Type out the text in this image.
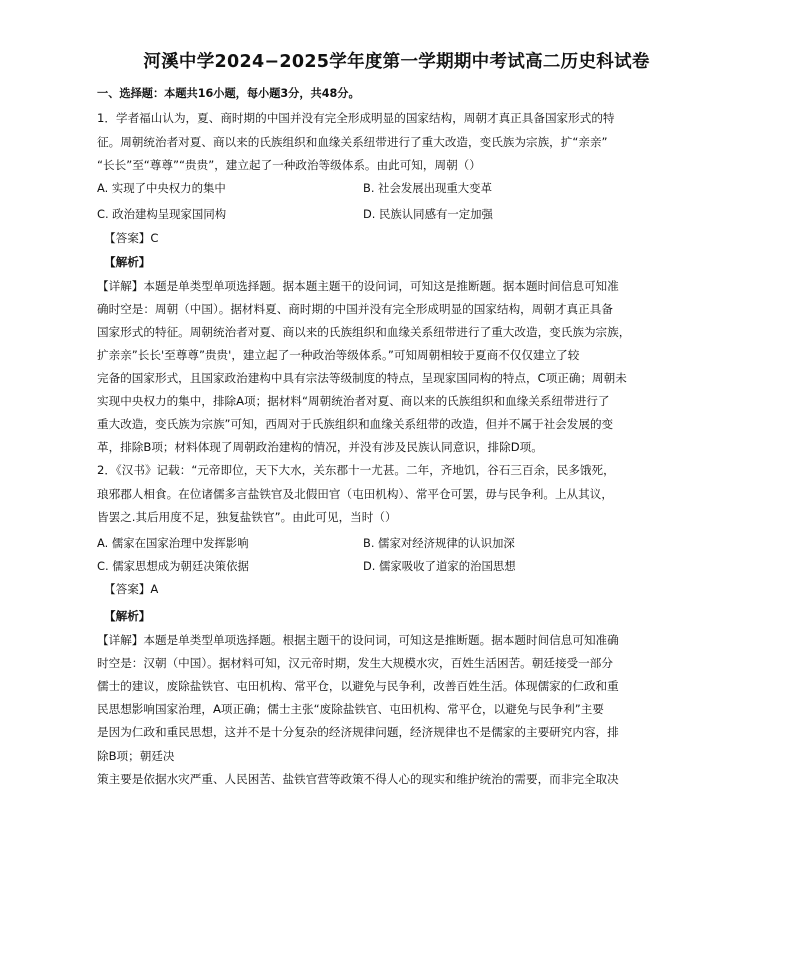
河溪中学2024−2025学年度第一学期期中考试高二历史科试卷
一、选择题：本题共16小题，每小题3分，共48分。
1．学者福山认为，夏、商时期的中国并没有完全形成明显的国家结构，周朝才真正具备国家形式的特
征。周朝统治者对夏、商以来的氏族组织和血缘关系纽带进行了重大改造，变氏族为宗族，扩“亲亲”
“长长”至“尊尊”“贵贵”，建立起了一种政治等级体系。由此可知，周朝（）
A. 实现了中央权力的集中	B. 社会发展出现重大变革
C. 政治建构呈现家国同构	D. 民族认同感有一定加强
【答案】C
【解析】
【详解】本题是单类型单项选择题。据本题主题干的设问词，可知这是推断题。据本题时间信息可知准
确时空是：周朝（中国）。据材料夏、商时期的中国并没有完全形成明显的国家结构，周朝才真正具备
国家形式的特征。周朝统治者对夏、商以来的氏族组织和血缘关系纽带进行了重大改造，变氏族为宗族，
扩亲亲”长长'至尊尊”贵贵'，建立起了一种政治等级体系。”可知周朝相较于夏商不仅仅建立了较
完备的国家形式，且国家政治建构中具有宗法等级制度的特点，呈现家国同构的特点，C项正确；周朝未
实现中央权力的集中，排除A项；据材料“周朝统治者对夏、商以来的氏族组织和血缘关系纽带进行了
重大改造，变氏族为宗族”可知，西周对于氏族组织和血缘关系纽带的改造，但并不属于社会发展的变
革，排除B项；材料体现了周朝政治建构的情况，并没有涉及民族认同意识，排除D项。
2．《汉书》记载：“元帝即位，天下大水，关东郡十一尤甚。二年，齐地饥，谷石三百余，民多饿死，
琅邪郡人相食。在位诸儒多言盐铁官及北假田官（屯田机构）、常平仓可罢，毋与民争利。上从其议，
皆罢之.其后用度不足，独复盐铁官”。由此可见，当时（）
A. 儒家在国家治理中发挥影响	B. 儒家对经济规律的认识加深
C. 儒家思想成为朝廷决策依据	D. 儒家吸收了道家的治国思想
【答案】A
【解析】
【详解】本题是单类型单项选择题。根据主题干的设问词，可知这是推断题。据本题时间信息可知准确
时空是：汉朝（中国）。据材料可知，汉元帝时期，发生大规模水灾，百姓生活困苦。朝廷接受一部分
儒士的建议，废除盐铁官、屯田机构、常平仓，以避免与民争利，改善百姓生活。体现儒家的仁政和重
民思想影响国家治理，A项正确；儒士主张“废除盐铁官、屯田机构、常平仓，以避免与民争利”主要
是因为仁政和重民思想，这并不是十分复杂的经济规律问题，经济规律也不是儒家的主要研究内容，排
除B项；朝廷决
策主要是依据水灾严重、人民困苦、盐铁官营等政策不得人心的现实和维护统治的需要，而非完全取决
